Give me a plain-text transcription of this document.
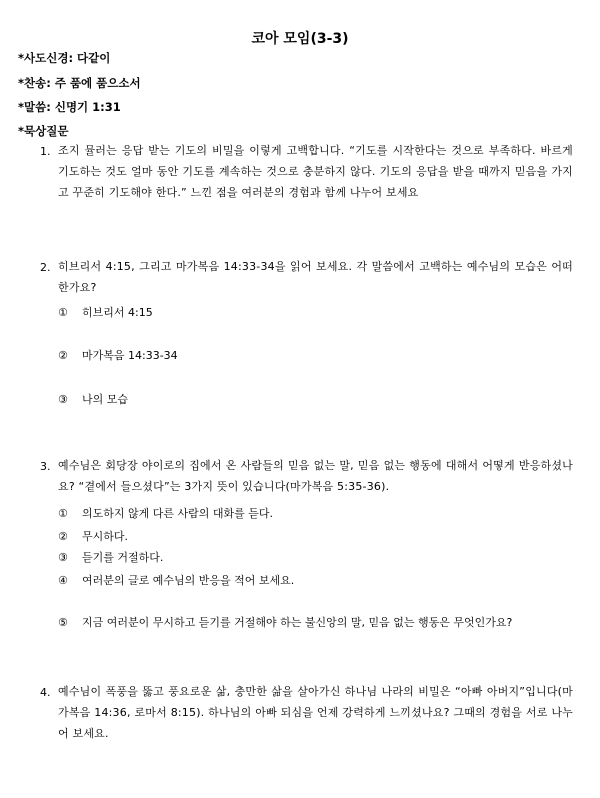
코아 모임(3-3)
*사도신경: 다같이
*찬송: 주 품에 품으소서
*말씀: 신명기 1:31
*묵상질문
1. 조지 뮬러는 응답 받는 기도의 비밀을 이렇게 고백합니다. “기도를 시작한다는 것으로 부족하다. 바르게 기도하는 것도 얼마 동안 기도를 계속하는 것으로 충분하지 않다. 기도의 응답을 받을 때까지 믿음을 가지고 꾸준히 기도해야 한다.” 느낀 점을 여러분의 경험과 함께 나누어 보세요
2. 히브리서 4:15, 그리고 마가복음 14:33-34을 읽어 보세요. 각 말씀에서 고백하는 예수님의 모습은 어떠한가요?
① 히브리서 4:15
② 마가복음 14:33-34
③ 나의 모습
3. 예수님은 회당장 야이로의 집에서 온 사람들의 믿음 없는 말, 믿음 없는 행동에 대해서 어떻게 반응하셨나요? “곁에서 들으셨다”는 3가지 뜻이 있습니다(마가복음 5:35-36).
① 의도하지 않게 다른 사람의 대화를 듣다.
② 무시하다.
③ 듣기를 거절하다.
④ 여러분의 글로 예수님의 반응을 적어 보세요.
⑤ 지금 여러분이 무시하고 듣기를 거절해야 하는 불신앙의 말, 믿음 없는 행동은 무엇인가요?
4. 예수님이 폭풍을 뚫고 풍요로운 삶, 충만한 삶을 살아가신 하나님 나라의 비밀은 “아빠 아버지”입니다(마가복음 14:36, 로마서 8:15). 하나님의 아빠 되심을 언제 강력하게 느끼셨나요? 그때의 경험을 서로 나누어 보세요.
